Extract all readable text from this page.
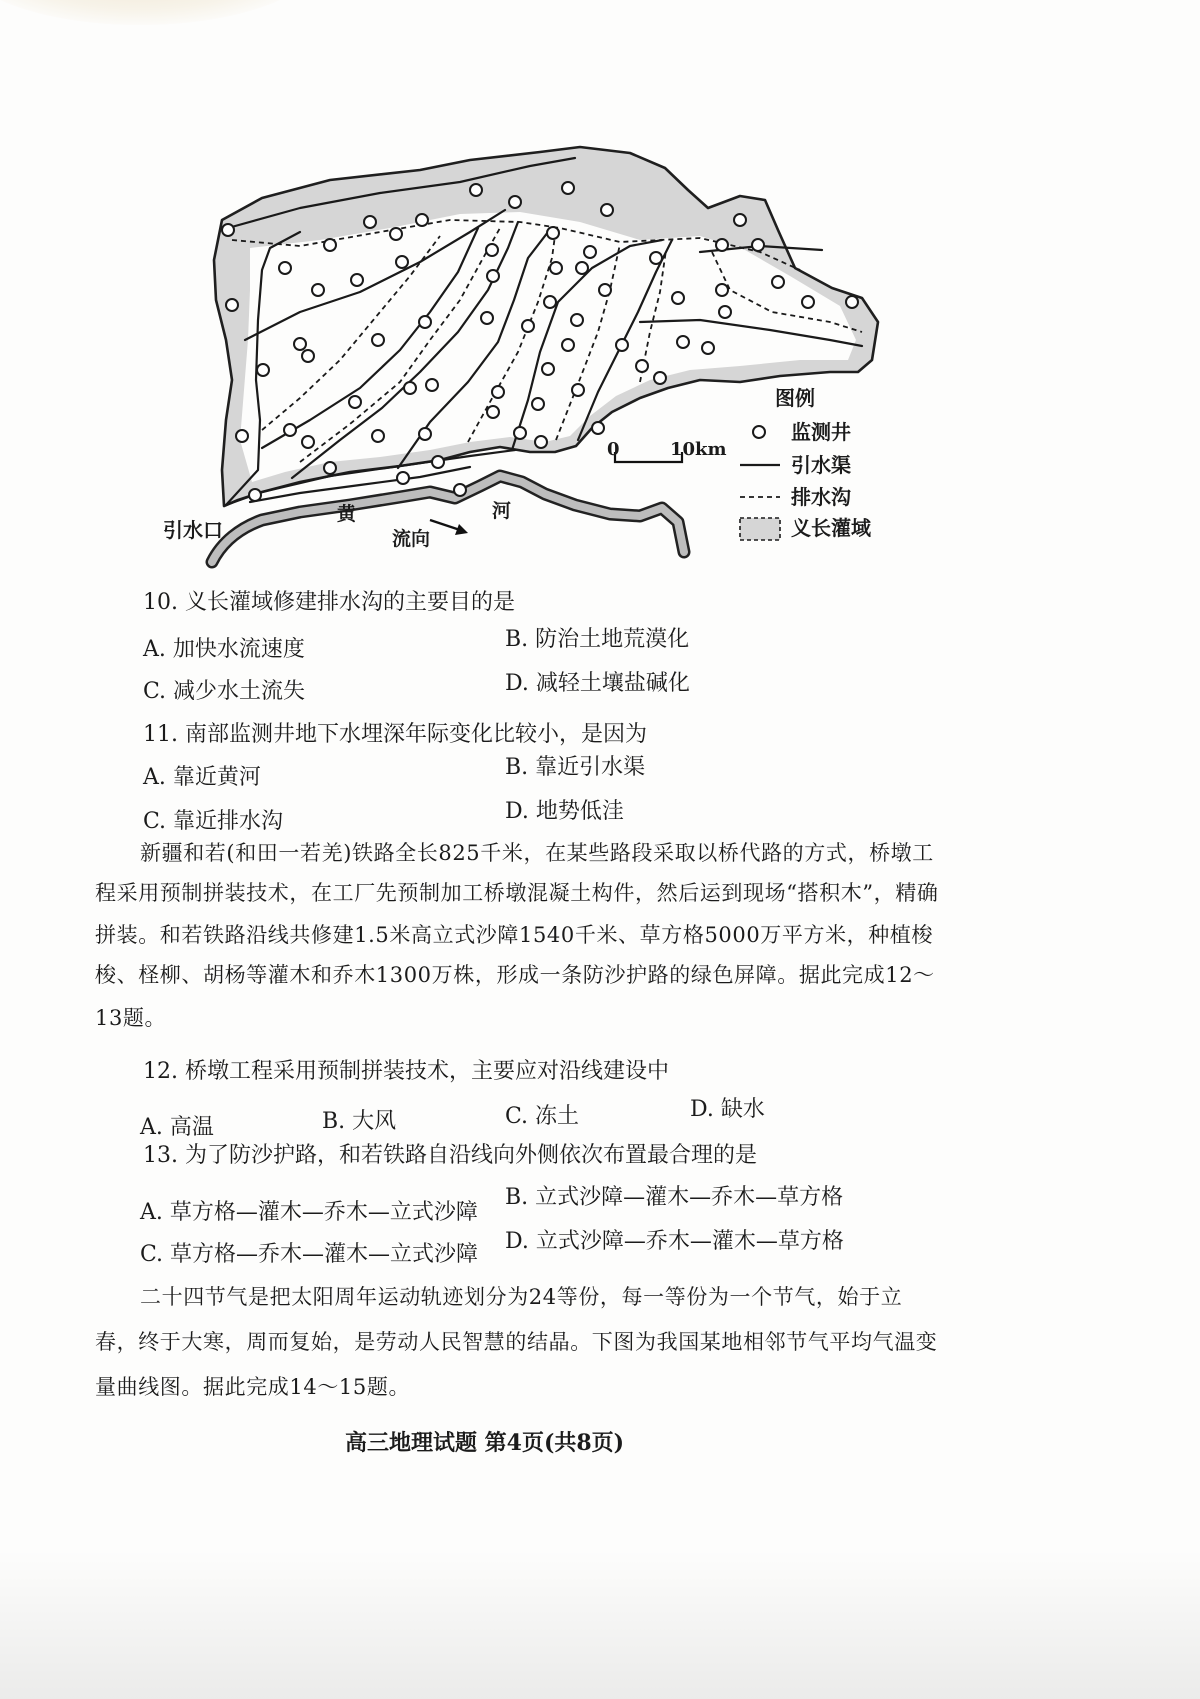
图例
监测井
引水渠
排水沟
义长灌域
0	10km
引水口
黄
流向
河
10. 义长灌域修建排水沟的主要目的是
A. 加快水流速度	B. 防治土地荒漠化
C. 减少水土流失	D. 减轻土壤盐碱化
11. 南部监测井地下水埋深年际变化比较小，是因为
A. 靠近黄河	B. 靠近引水渠
C. 靠近排水沟	D. 地势低洼
新疆和若(和田一若羌)铁路全长825千米，在某些路段采取以桥代路的方式，桥墩工
程采用预制拼装技术，在工厂先预制加工桥墩混凝土构件，然后运到现场“搭积木”，精确
拼装。和若铁路沿线共修建1.5米高立式沙障1540千米、草方格5000万平方米，种植梭
梭、柽柳、胡杨等灌木和乔木1300万株，形成一条防沙护路的绿色屏障。据此完成12～
13题。
12. 桥墩工程采用预制拼装技术，主要应对沿线建设中
A. 高温	B. 大风	C. 冻土	D. 缺水
13. 为了防沙护路，和若铁路自沿线向外侧依次布置最合理的是
A. 草方格—灌木—乔木—立式沙障
B. 立式沙障—灌木—乔木—草方格
C. 草方格—乔木—灌木—立式沙障
D. 立式沙障—乔木—灌木—草方格
二十四节气是把太阳周年运动轨迹划分为24等份，每一等份为一个节气，始于立
春，终于大寒，周而复始，是劳动人民智慧的结晶。下图为我国某地相邻节气平均气温变
量曲线图。据此完成14～15题。
高三地理试题 第4页(共8页)
